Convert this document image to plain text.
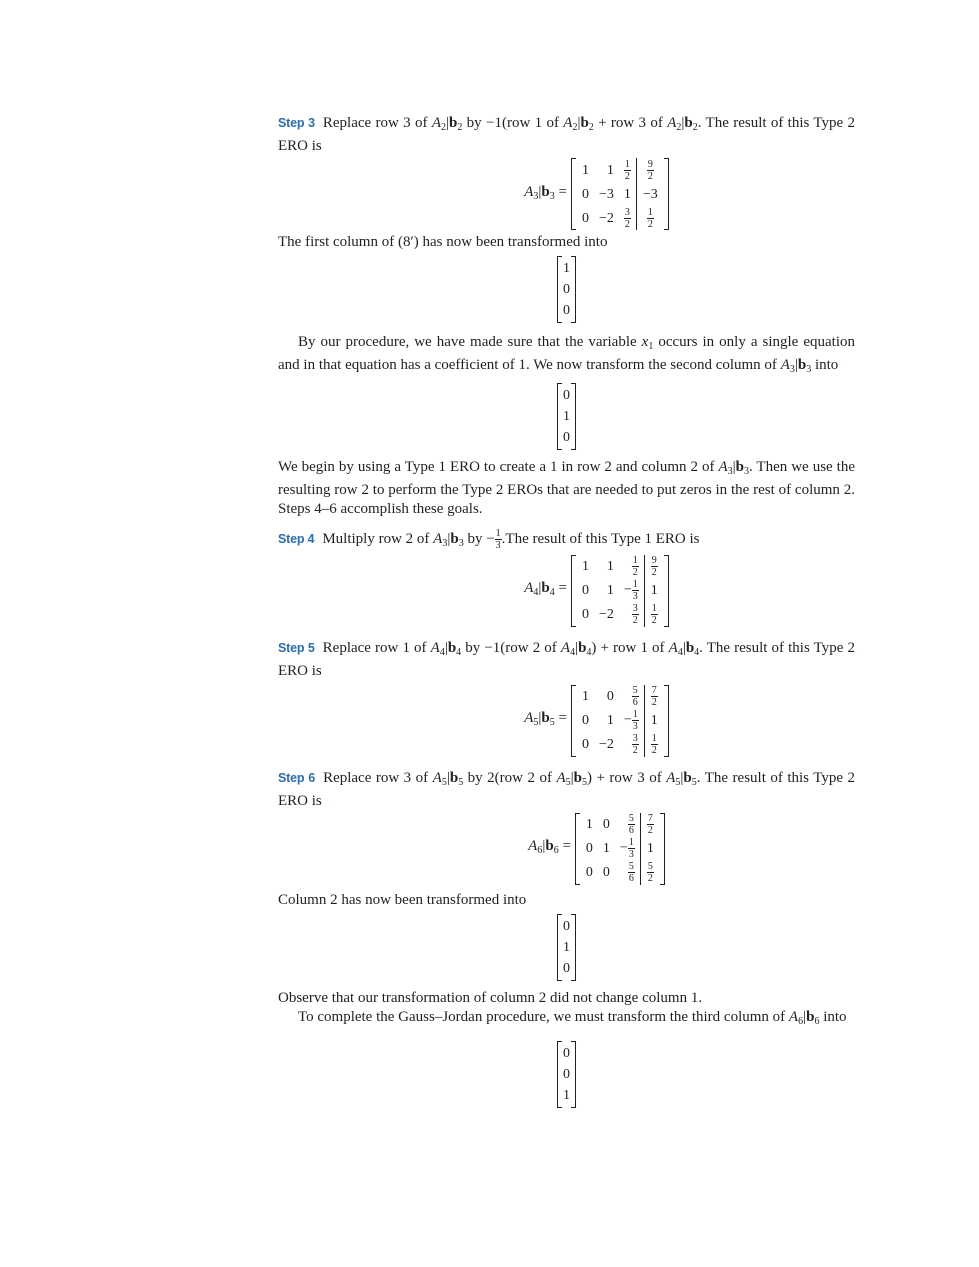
Step 3 Replace row 3 of $A_2|b_2$ by −1(row 1 of $A_2|b_2$ + row 3 of $A_2|b_2$. The result of this Type 2 ERO is

$A_3|b_3$ =
1	1	$\frac{1}{2}$	$\frac{9}{2}$

0	−3	1	−3
0	−2	$\frac{3}{2}$	$\frac{1}{2}$

The first column of (8′) has now been transformed into

1
0
0

By our procedure, we have made sure that the variable $x_1$ occurs in only a single equation and in that equation has a coefficient of 1. We now transform the second column of $A_3|b_3$ into

0
1
0

We begin by using a Type 1 ERO to create a 1 in row 2 and column 2 of $A_3|b_3$. Then we use the resulting row 2 to perform the Type 2 EROs that are needed to put zeros in the rest of column 2. Steps 4–6 accomplish these goals.

Step 4 Multiply row 2 of $A_3|b_3$ by − $\frac{1}{3} .The$ result of this Type 1 ERO is

$A_4|b_4$ =
1	1	$\frac{1}{2}$	$\frac{9}{2}$

0	1	− $\frac{1}{3}$	1
0	−2	$\frac{3}{2}$	$\frac{1}{2}$

Step 5 Replace row 1 of $A_4|b_4$ by −1(row 2 of $A_4|b_4$) + row 1 of $A_4|b_4$. The result of this Type 2 ERO is

$A_5|b_5$ =
1	0	$\frac{5}{6}$	$\frac{7}{2}$

0	1	− $\frac{1}{3}$	1
0	−2	$\frac{3}{2}$	$\frac{1}{2}$

Step 6 Replace row 3 of $A_5|b_5$ by 2(row 2 of $A_5|b_5$) + row 3 of $A_5|b_5$. The result of this Type 2 ERO is

$A_6|b_6$ =
1	0	$\frac{5}{6}$	$\frac{7}{2}$

0	1	− $\frac{1}{3}$	1
0	0	$\frac{5}{6}$	$\frac{5}{2}$

Column 2 has now been transformed into

0
1
0

Observe that our transformation of column 2 did not change column 1.

To complete the Gauss–Jordan procedure, we must transform the third column of $A_6|b_6$ into

0
0
1
